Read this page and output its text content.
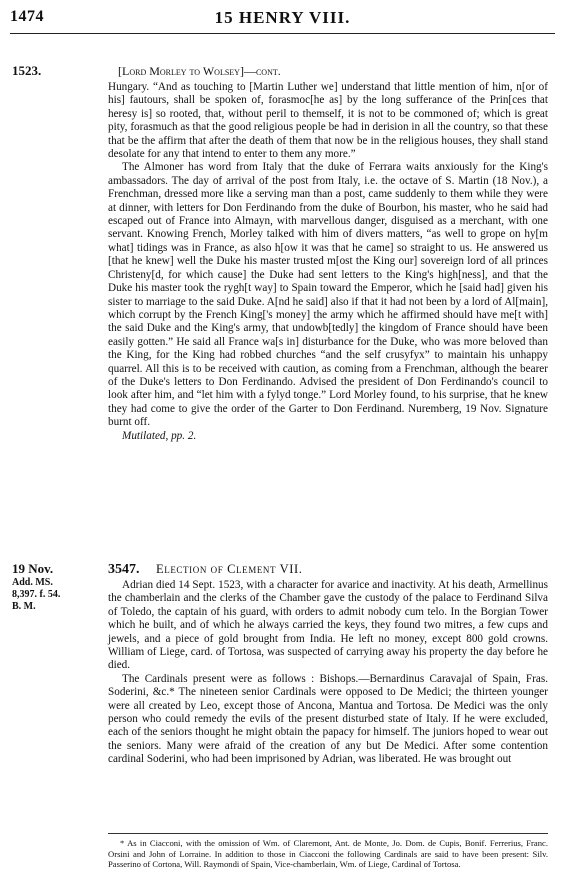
1474	15 HENRY VIII.
1523.	[Lord Morley to Wolsey]—cont.

Hungary. “And as touching to [Martin Luther we] understand that little mention of him, n[or of his] fautours, shall be spoken of, forasmoc[he as] by the long sufferance of the Prin[ces that heresy is] so rooted, that, without peril to themself, it is not to be commoned of; which is great pity, forasmuch as that the good religious people be had in derision in all the country, so that these that be the affirm that after the death of them that now be in the religious houses, they shall stand desolate for any that intend to enter to them any more.”

The Almoner has word from Italy that the duke of Ferrara waits anxiously for the King's ambassadors. The day of arrival of the post from Italy, i.e. the octave of S. Martin (18 Nov.), a Frenchman, dressed more like a serving man than a post, came suddenly to them while they were at dinner, with letters for Don Ferdinando from the duke of Bourbon, his master, who he said had escaped out of France into Almayn, with marvellous danger, disguised as a merchant, with one servant. Knowing French, Morley talked with him of divers matters, “as well to grope on hy[m what] tidings was in France, as also h[ow it was that he came] so straight to us. He answered us [that he knew] well the Duke his master trusted m[ost the King our] sovereign lord of all princes Christeny[d, for which cause] the Duke had sent letters to the King's high[ness], and that the Duke his master took the rygh[t way] to Spain toward the Emperor, which he [said had] given his sister to marriage to the said Duke. A[nd he said] also if that it had not been by a lord of Al[main], which corrupt by the French King['s money] the army which he affirmed should have me[t with] the said Duke and the King's army, that undowb[tedly] the kingdom of France should have been easily gotten.” He said all France wa[s in] disturbance for the Duke, who was more beloved than the King, for the King had robbed churches “and the self crusyfyx” to maintain his unhappy quarrel. All this is to be received with caution, as coming from a Frenchman, although the bearer of the Duke's letters to Don Ferdinando. Advised the president of Don Ferdinando's council to look after him, and “let him with a fylyd tonge.” Lord Morley found, to his surprise, that he knew they had come to give the order of the Garter to Don Ferdinand. Nuremberg, 19 Nov. Signature burnt off.

Mutilated, pp. 2.

19 Nov.
Add. MS.
8,397. f. 54.
B. M.
3547. Election of Clement VII.

Adrian died 14 Sept. 1523, with a character for avarice and inactivity. At his death, Armellinus the chamberlain and the clerks of the Chamber gave the custody of the palace to Ferdinand Silva of Toledo, the captain of his guard, with orders to admit nobody cum telo. In the Borgian Tower which he built, and of which he always carried the keys, they found two mitres, a few cups and jewels, and a piece of gold brought from India. He left no money, except 800 gold crowns. William of Liege, card. of Tortosa, was suspected of carrying away his property the day before he died.

The Cardinals present were as follows : Bishops.—Bernardinus Caravajal of Spain, Fras. Soderini, &c.* The nineteen senior Cardinals were opposed to De Medici; the thirteen younger were all created by Leo, except those of Ancona, Mantua and Tortosa. De Medici was the only person who could remedy the evils of the present disturbed state of Italy. If he were excluded, each of the seniors thought he might obtain the papacy for himself. The juniors hoped to wear out the seniors. Many were afraid of the creation of any but De Medici. After some contention cardinal Soderini, who had been imprisoned by Adrian, was liberated. He was brought out

* As in Ciacconi, with the omission of Wm. of Claremont, Ant. de Monte, Jo. Dom. de Cupis, Bonif. Ferrerius, Franc. Orsini and John of Lorraine. In addition to those in Ciacconi the following Cardinals are said to have been present: Silv. Passerino of Cortona, Will. Raymondi of Spain, Vice-chamberlain, Wm. of Liege, Cardinal of Tortosa.
